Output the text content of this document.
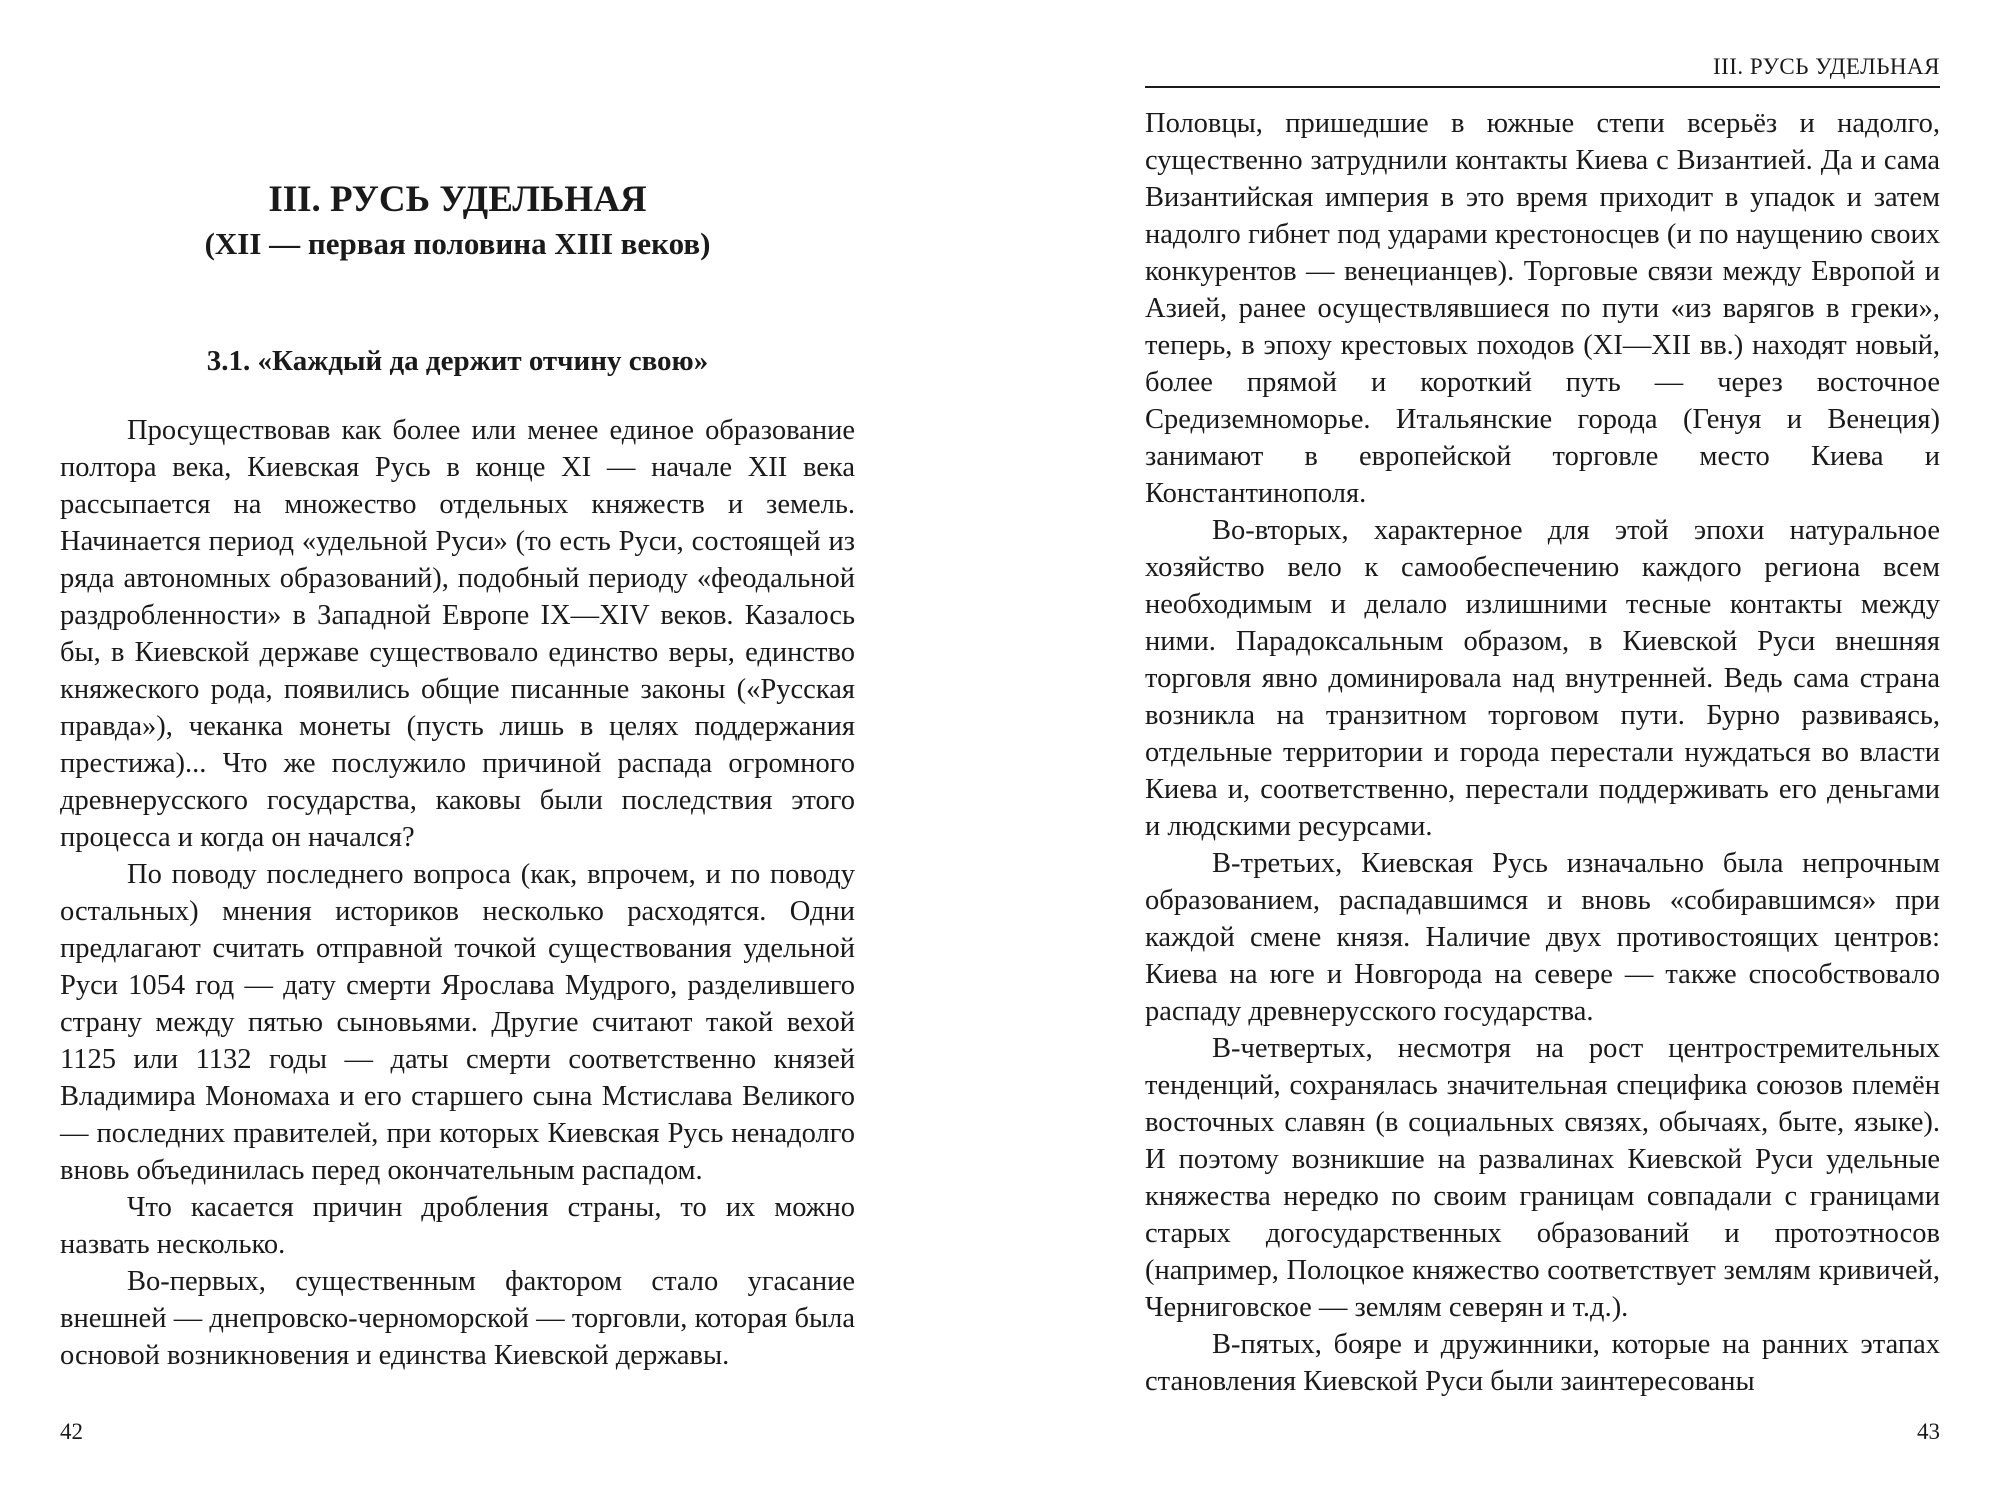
III. РУСЬ УДЕЛЬНАЯ
(XII — первая половина XIII веков)
3.1. «Каждый да держит отчину свою»

Просуществовав как более или менее единое образование полтора века, Киевская Русь в конце XI — начале XII века рассыпается на множество отдельных княжеств и земель. Начинается период «удельной Руси» (то есть Руси, состоящей из ряда автономных образований), подобный периоду «феодальной раздробленности» в Западной Европе IX—XIV веков. Казалось бы, в Киевской державе существовало единство веры, единство княжеского рода, появились общие писанные законы («Русская правда»), чеканка монеты (пусть лишь в целях поддержания престижа)... Что же послужило причиной распада огромного древнерусского государства, каковы были последствия этого процесса и когда он начался?

По поводу последнего вопроса (как, впрочем, и по поводу остальных) мнения историков несколько расходятся. Одни предлагают считать отправной точкой существования удельной Руси 1054 год — дату смерти Ярослава Мудрого, разделившего страну между пятью сыновьями. Другие считают такой вехой 1125 или 1132 годы — даты смерти соответственно князей Владимира Мономаха и его старшего сына Мстислава Великого — последних правителей, при которых Киевская Русь ненадолго вновь объединилась перед окончательным распадом.

Что касается причин дробления страны, то их можно назвать несколько.

Во-первых, существенным фактором стало угасание внешней — днепровско-черноморской — торговли, которая была основой возникновения и единства Киевской державы.

42
III. РУСЬ УДЕЛЬНАЯ

Половцы, пришедшие в южные степи всерьёз и надолго, существенно затруднили контакты Киева с Византией. Да и сама Византийская империя в это время приходит в упадок и затем надолго гибнет под ударами крестоносцев (и по наущению своих конкурентов — венецианцев). Торговые связи между Европой и Азией, ранее осуществлявшиеся по пути «из варягов в греки», теперь, в эпоху крестовых походов (XI—XII вв.) находят новый, более прямой и короткий путь — через восточное Средиземноморье. Итальянские города (Генуя и Венеция) занимают в европейской торговле место Киева и Константинополя.

Во-вторых, характерное для этой эпохи натуральное хозяйство вело к самообеспечению каждого региона всем необходимым и делало излишними тесные контакты между ними. Парадоксальным образом, в Киевской Руси внешняя торговля явно доминировала над внутренней. Ведь сама страна возникла на транзитном торговом пути. Бурно развиваясь, отдельные территории и города перестали нуждаться во власти Киева и, соответственно, перестали поддерживать его деньгами и людскими ресурсами.

В-третьих, Киевская Русь изначально была непрочным образованием, распадавшимся и вновь «собиравшимся» при каждой смене князя. Наличие двух противостоящих центров: Киева на юге и Новгорода на севере — также способствовало распаду древнерусского государства.

В-четвертых, несмотря на рост центростремительных тенденций, сохранялась значительная специфика союзов племён восточных славян (в социальных связях, обычаях, быте, языке). И поэтому возникшие на развалинах Киевской Руси удельные княжества нередко по своим границам совпадали с границами старых догосударственных образований и протоэтносов (например, Полоцкое княжество соответствует землям кривичей, Черниговское — землям северян и т.д.).

В-пятых, бояре и дружинники, которые на ранних этапах становления Киевской Руси были заинтересованы

43
